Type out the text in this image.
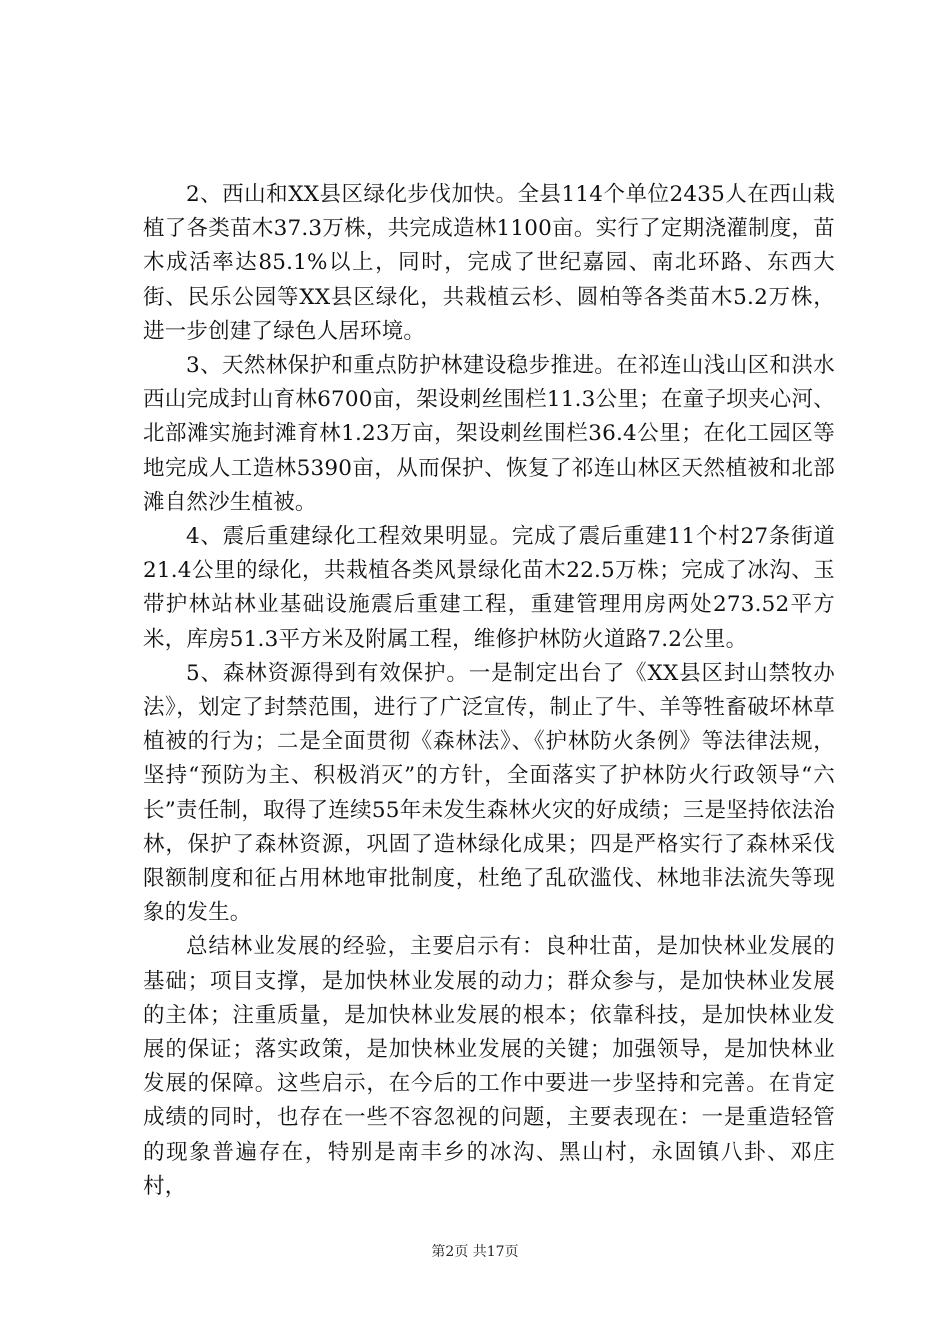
2、西山和XX县区绿化步伐加快。全县114个单位2435人在西山栽植了各类苗木37.3万株，共完成造林1100亩。实行了定期浇灌制度，苗木成活率达85.1%以上，同时，完成了世纪嘉园、南北环路、东西大街、民乐公园等XX县区绿化，共栽植云杉、圆柏等各类苗木5.2万株，进一步创建了绿色人居环境。

3、天然林保护和重点防护林建设稳步推进。在祁连山浅山区和洪水西山完成封山育林6700亩，架设刺丝围栏11.3公里；在童子坝夹心河、北部滩实施封滩育林1.23万亩，架设刺丝围栏36.4公里；在化工园区等地完成人工造林5390亩，从而保护、恢复了祁连山林区天然植被和北部滩自然沙生植被。

4、震后重建绿化工程效果明显。完成了震后重建11个村27条街道21.4公里的绿化，共栽植各类风景绿化苗木22.5万株；完成了冰沟、玉带护林站林业基础设施震后重建工程，重建管理用房两处273.52平方米，库房51.3平方米及附属工程，维修护林防火道路7.2公里。

5、森林资源得到有效保护。一是制定出台了《XX县区封山禁牧办法》，划定了封禁范围，进行了广泛宣传，制止了牛、羊等牲畜破坏林草植被的行为；二是全面贯彻《森林法》、《护林防火条例》等法律法规，坚持“预防为主、积极消灭”的方针，全面落实了护林防火行政领导“六长”责任制，取得了连续55年未发生森林火灾的好成绩；三是坚持依法治林，保护了森林资源，巩固了造林绿化成果；四是严格实行了森林采伐限额制度和征占用林地审批制度，杜绝了乱砍滥伐、林地非法流失等现象的发生。

总结林业发展的经验，主要启示有：良种壮苗，是加快林业发展的基础；项目支撑，是加快林业发展的动力；群众参与，是加快林业发展的主体；注重质量，是加快林业发展的根本；依靠科技，是加快林业发展的保证；落实政策，是加快林业发展的关键；加强领导，是加快林业发展的保障。这些启示，在今后的工作中要进一步坚持和完善。在肯定成绩的同时，也存在一些不容忽视的问题，主要表现在：一是重造轻管的现象普遍存在，特别是南丰乡的冰沟、黑山村，永固镇八卦、邓庄村，

第2页 共17页
